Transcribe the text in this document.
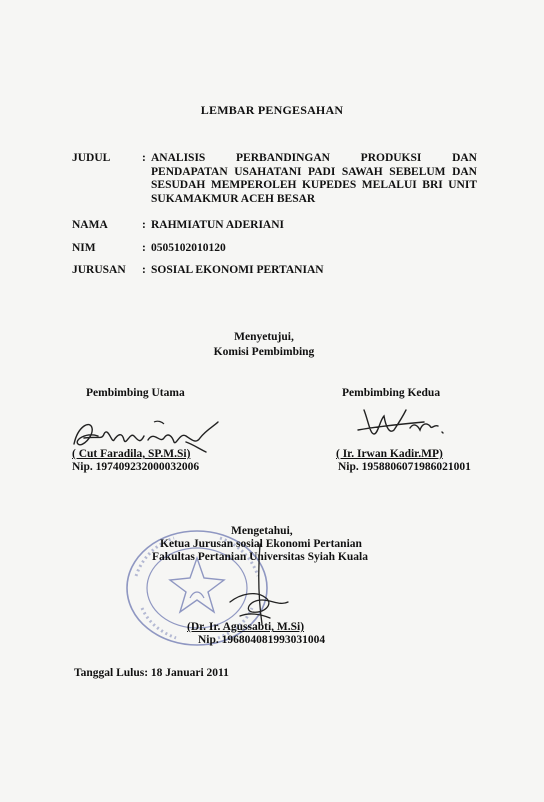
LEMBAR PENGESAHAN
JUDUL	: ANALISIS PERBANDINGAN PRODUKSI DAN
PENDAPATAN USAHATANI PADI SAWAH SEBELUM DAN
SESUDAH MEMPEROLEH KUPEDES MELALUI BRI UNIT
SUKAMAKMUR ACEH BESAR
NAMA	: RAHMIATUN ADERIANI
NIM	: 0505102010120
JURUSAN : SOSIAL EKONOMI PERTANIAN
Menyetujui,
Komisi Pembimbing
Pembimbing Utama
( Cut Faradila, SP.M.Si)
Nip. 197409232000032006
Pembimbing Kedua
( Ir. Irwan Kadir.MP)
Nip. 195880607198602100​1
Mengetahui,
Ketua Jurusan sosial Ekonomi Pertanian
Fakultas Pertanian Universitas Syiah Kuala
(Dr. Ir. Agussabti, M.Si)
Nip. 196804081993031004
Tanggal Lulus: 18 Januari 2011
